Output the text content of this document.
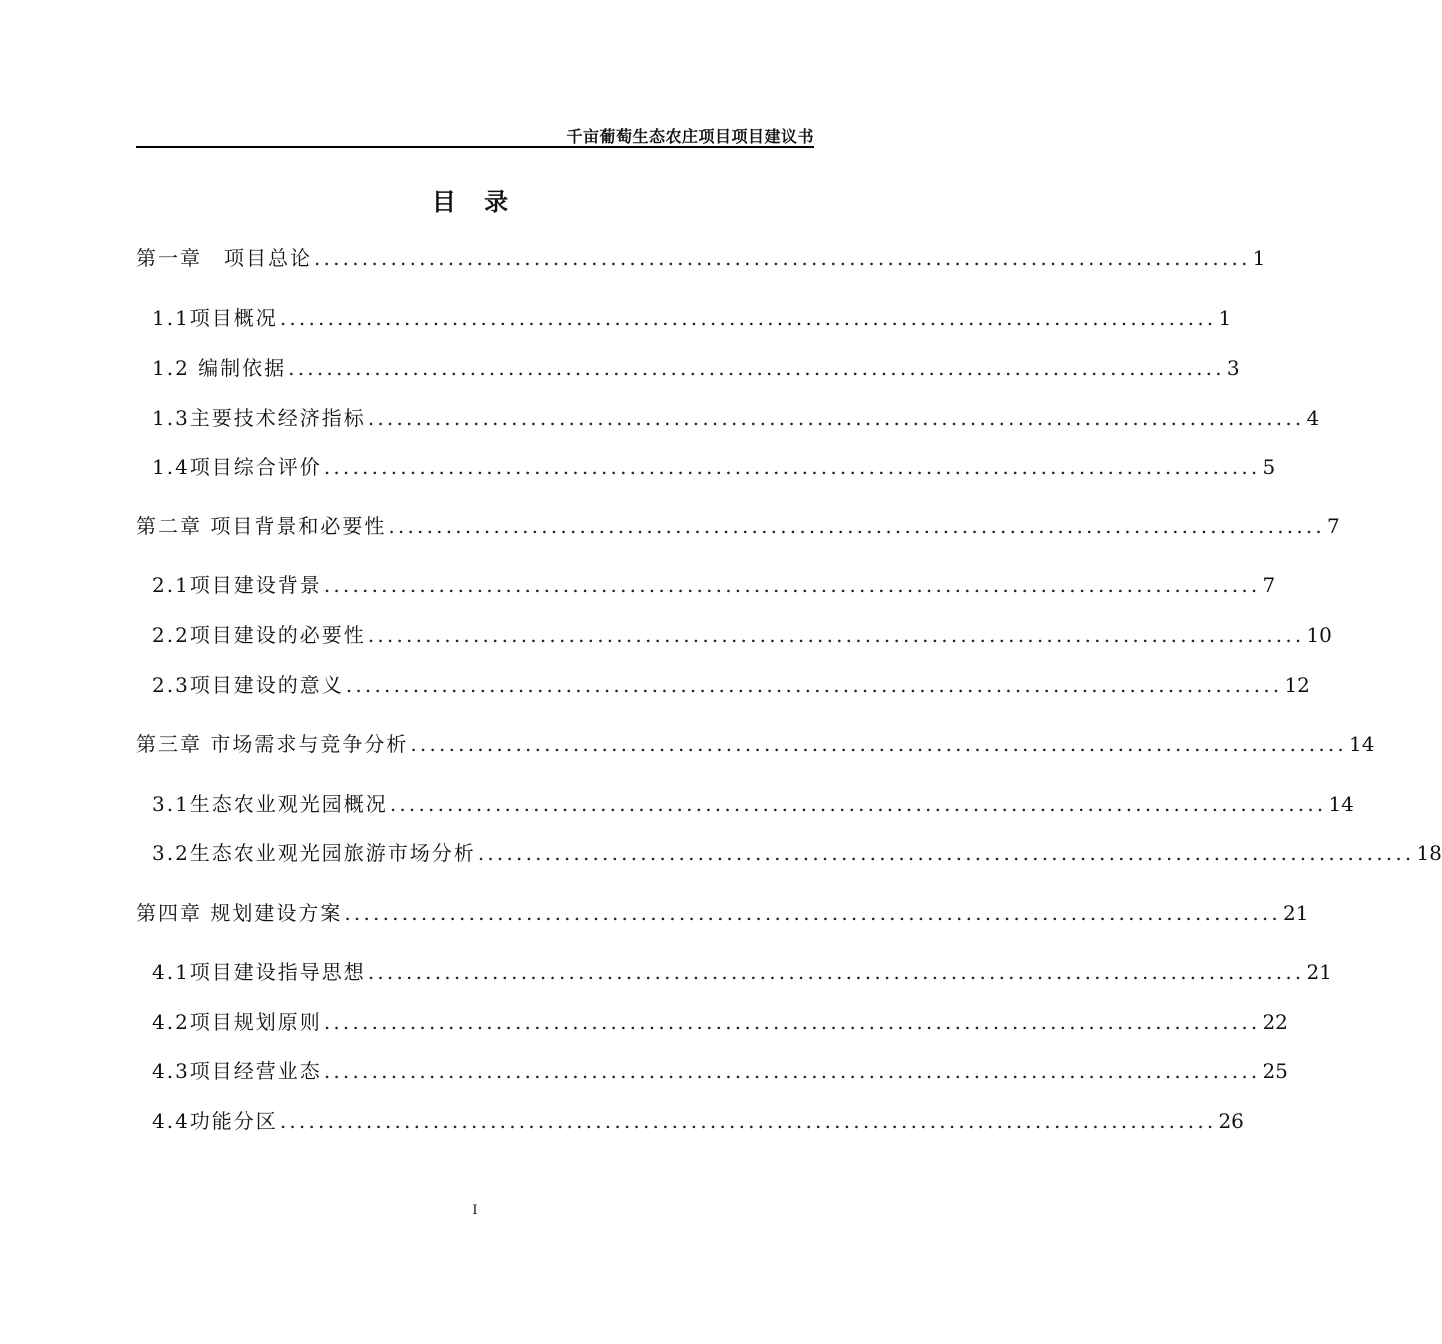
千亩葡萄生态农庄项目项目建议书
目 录
第一章　项目总论 .................................................................................................. 1
1.1项目概况 .................................................................................................. 1
1.2 编制依据 .................................................................................................. 3
1.3主要技术经济指标 .................................................................................................. 4
1.4项目综合评价 .................................................................................................. 5
第二章 项目背景和必要性 .................................................................................................. 7
2.1项目建设背景 .................................................................................................. 7
2.2项目建设的必要性 .................................................................................................. 10
2.3项目建设的意义 .................................................................................................. 12
第三章 市场需求与竞争分析 .................................................................................................. 14
3.1生态农业观光园概况 .................................................................................................. 14
3.2生态农业观光园旅游市场分析 .................................................................................................. 18
第四章 规划建设方案 .................................................................................................. 21
4.1项目建设指导思想 .................................................................................................. 21
4.2项目规划原则 .................................................................................................. 22
4.3项目经营业态 .................................................................................................. 25
4.4功能分区 .................................................................................................. 26
I
